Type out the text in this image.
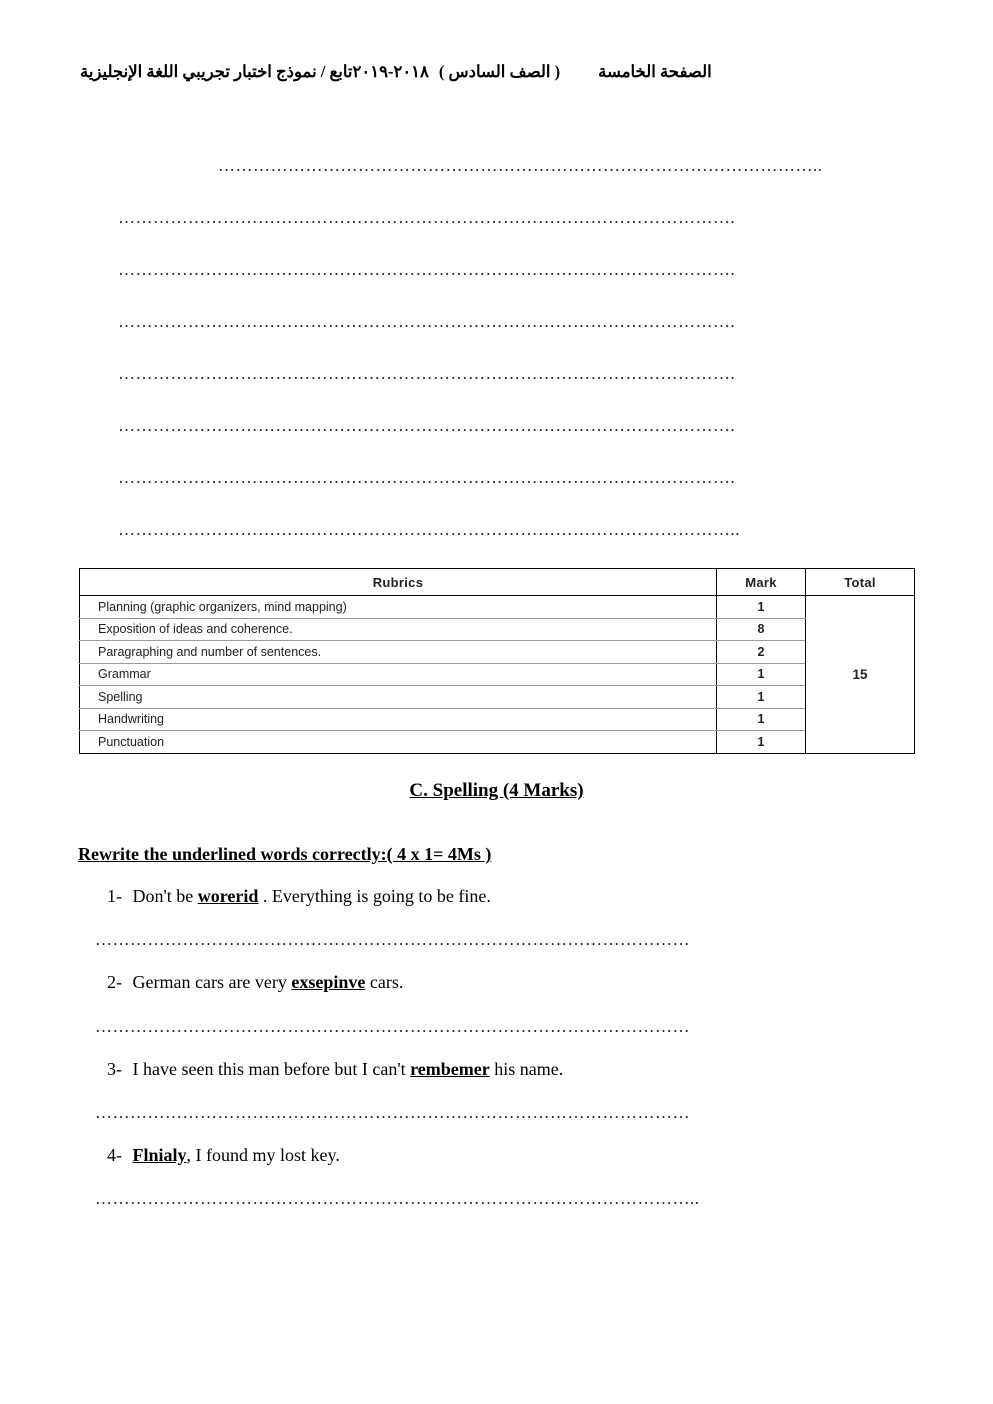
تابع / نموذج اختبار تجريبي اللغة الإنجليزية ٢٠١٨-٢٠١٩ ( الصف السادس ) الصفحة الخامسة
…………………………………………………………………………………………..
…………………………………………………………………………………………….
…………………………………………………………………………………………….
…………………………………………………………………………………………….
…………………………………………………………………………………………….
…………………………………………………………………………………………….
…………………………………………………………………………………………….
……………………………………………………………………………………………..
Rubrics	Mark	Total
Planning (graphic organizers, mind mapping)	1	15
Exposition of ideas and coherence.	8	
Paragraphing and number of sentences.	2	
Grammar	1	
Spelling	1	
Handwriting	1	
Punctuation	1	
C. Spelling (4 Marks)
Rewrite the underlined words correctly:( 4 x 1= 4Ms )
1- Don't be worerid . Everything is going to be fine.
…………………………………………………………………………………………
2- German cars are very exsepinve cars.
…………………………………………………………………………………………
3- I have seen this man before but I can't rembemer his name.
…………………………………………………………………………………………
4- Flnialy, I found my lost key.
…………………………………………………………………………………………..
